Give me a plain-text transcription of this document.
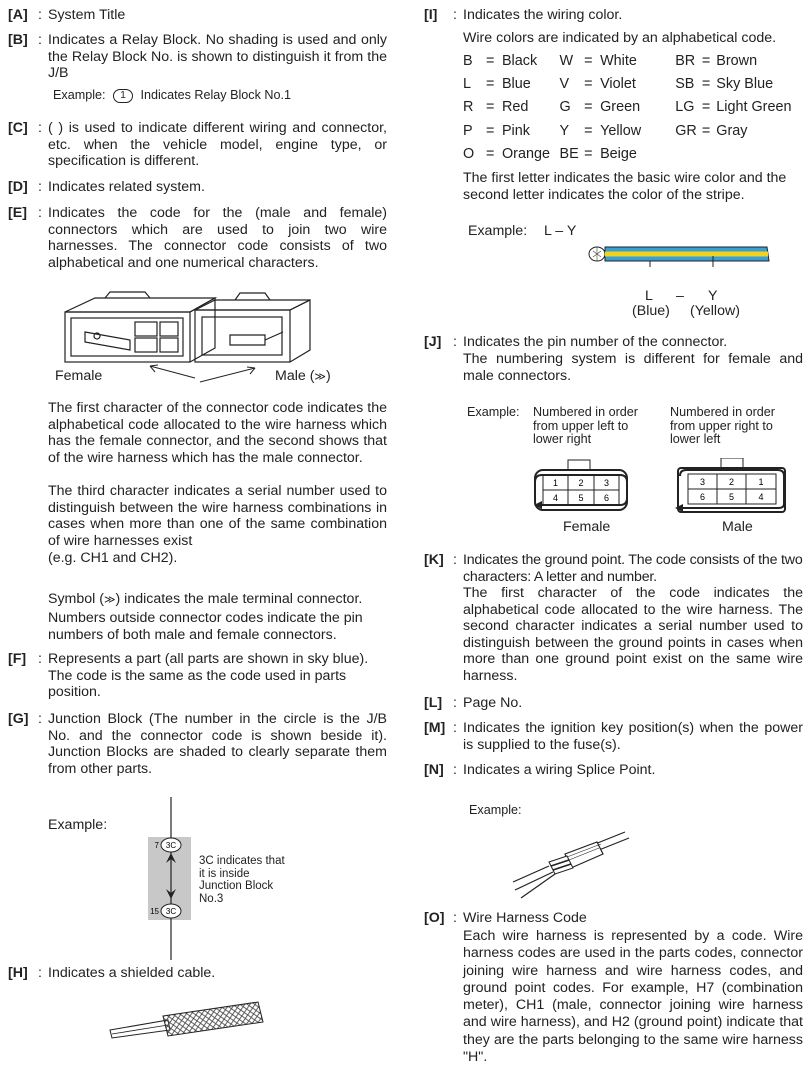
[A] : System Title
[B] : Indicates a Relay Block. No shading is used and only the Relay Block No. is shown to distinguish it from the J/B
Example: 1 Indicates Relay Block No.1
[C] : ( ) is used to indicate different wiring and connector, etc. when the vehicle model, engine type, or specification is different.
[D] : Indicates related system.
[E] : Indicates the code for the (male and female) connectors which are used to join two wire harnesses. The connector code consists of two alphabetical and one numerical characters.
Female	Male (≫)
The first character of the connector code indicates the alphabetical code allocated to the wire harness which has the female connector, and the second shows that of the wire harness which has the male connector.
The third character indicates a serial number used to distinguish between the wire harness combinations in cases when more than one of the same combination of wire harnesses exist
(e.g. CH1 and CH2).
Symbol (≫) indicates the male terminal connector.
Numbers outside connector codes indicate the pin numbers of both male and female connectors.
[F] : Represents a part (all parts are shown in sky blue). The code is the same as the code used in parts position.
[G] : Junction Block (The number in the circle is the J/B No. and the connector code is shown beside it). Junction Blocks are shaded to clearly separate them from other parts.
Example:
3C
3C
7
15
3C indicates that
it is inside
Junction Block
No.3
[H] : Indicates a shielded cable.
[I] : Indicates the wiring color.
Wire colors are indicated by an alphabetical code.
B	=	Black	W	=	White	BR	=	Brown
L	=	Blue	V	=	Violet	SB	=	Sky Blue
R	=	Red	G	=	Green	LG	=	Light Green
P	=	Pink	Y	=	Yellow	GR	=	Gray
O	=	Orange	BE	=	Beige			
The first letter indicates the basic wire color and the second letter indicates the color of the stripe.
Example: L – Y
L – Y
(Blue) (Yellow)
[J] : Indicates the pin number of the connector.
The numbering system is different for female and male connectors.
Example: Numbered in order from upper left to lower right
Numbered in order from upper right to lower left
1 2 3
4 5 6
3	2	1
6	5	4
Female	Male
[K] : Indicates the ground point. The code consists of the two characters: A letter and number.
The first character of the code indicates the alphabetical code allocated to the wire harness. The second character indicates a serial number used to distinguish between the ground points in cases when more than one ground point exist on the same wire harness.
[L] : Page No.
[M] : Indicates the ignition key position(s) when the power is supplied to the fuse(s).
[N] : Indicates a wiring Splice Point.
Example:
[O] : Wire Harness Code
Each wire harness is represented by a code. Wire harness codes are used in the parts codes, connector joining wire harness and wire harness codes, and ground point codes. For example, H7 (combination meter), CH1 (male, connector joining wire harness and wire harness), and H2 (ground point) indicate that they are the parts belonging to the same wire harness "H".
